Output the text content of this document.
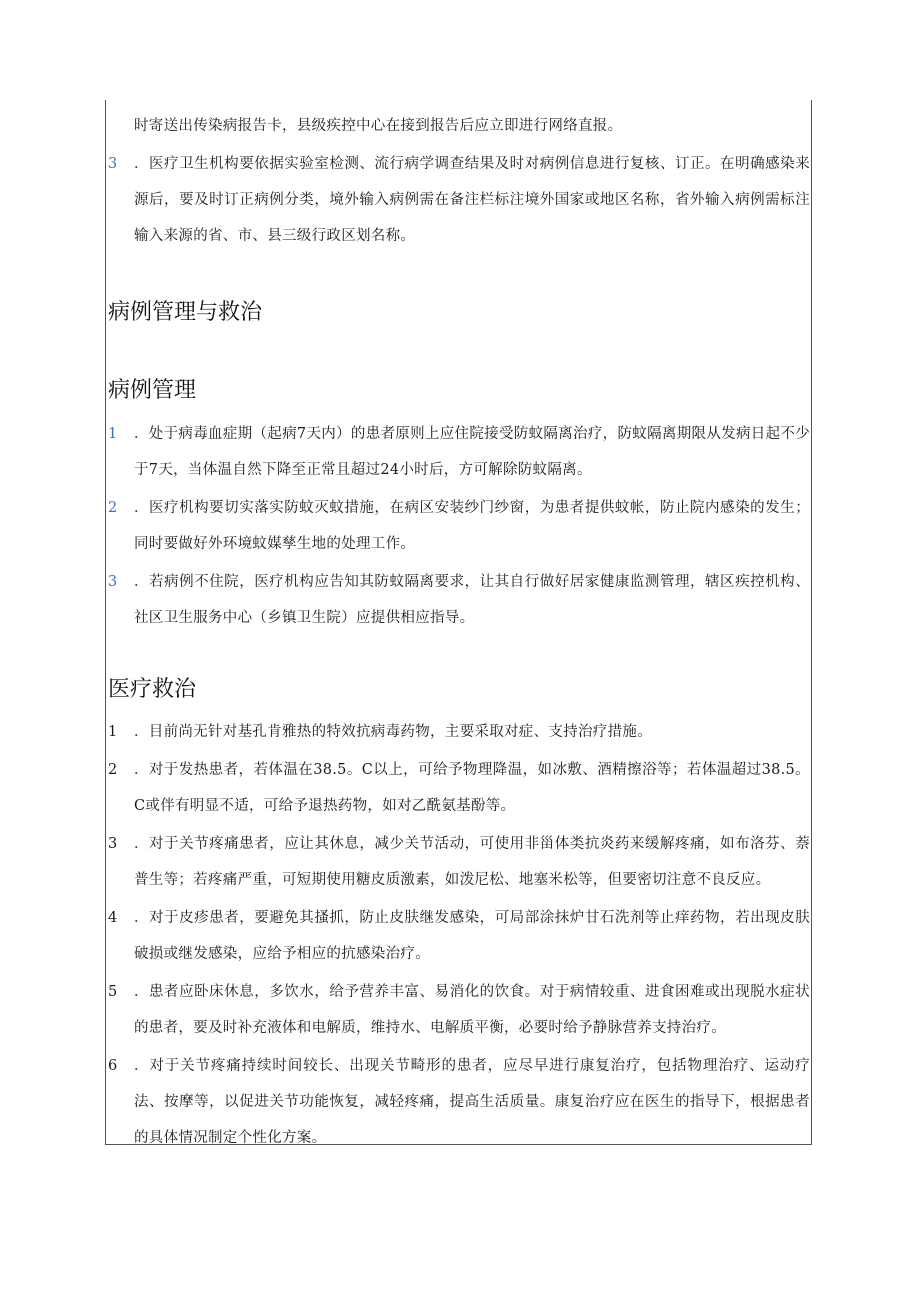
时寄送出传染病报告卡，县级疾控中心在接到报告后应立即进行网络直报。

3	．医疗卫生机构要依据实验室检测、流行病学调查结果及时对病例信息进行复核、订正。在明确感染来源后，要及时订正病例分类，境外输入病例需在备注栏标注境外国家或地区名称，省外输入病例需标注输入来源的省、市、县三级行政区划名称。
病例管理与救治
病例管理
1	．处于病毒血症期（起病7天内）的患者原则上应住院接受防蚊隔离治疗，防蚊隔离期限从发病日起不少于7天，当体温自然下降至正常且超过24小时后，方可解除防蚊隔离。
2	．医疗机构要切实落实防蚊灭蚊措施，在病区安装纱门纱窗，为患者提供蚊帐，防止院内感染的发生；同时要做好外环境蚊媒孳生地的处理工作。
3	．若病例不住院，医疗机构应告知其防蚊隔离要求，让其自行做好居家健康监测管理，辖区疾控机构、社区卫生服务中心（乡镇卫生院）应提供相应指导。
医疗救治
1	．目前尚无针对基孔肯雅热的特效抗病毒药物，主要采取对症、支持治疗措施。
2	．对于发热患者，若体温在38.5。C以上，可给予物理降温，如冰敷、酒精擦浴等；若体温超过38.5。C或伴有明显不适，可给予退热药物，如对乙酰氨基酚等。
3	．对于关节疼痛患者，应让其休息，减少关节活动，可使用非甾体类抗炎药来缓解疼痛，如布洛芬、萘普生等；若疼痛严重，可短期使用糖皮质激素，如泼尼松、地塞米松等，但要密切注意不良反应。
4	．对于皮疹患者，要避免其搔抓，防止皮肤继发感染，可局部涂抹炉甘石洗剂等止痒药物，若出现皮肤破损或继发感染，应给予相应的抗感染治疗。
5	．患者应卧床休息，多饮水，给予营养丰富、易消化的饮食。对于病情较重、进食困难或出现脱水症状的患者，要及时补充液体和电解质，维持水、电解质平衡，必要时给予静脉营养支持治疗。
6	．对于关节疼痛持续时间较长、出现关节畸形的患者，应尽早进行康复治疗，包括物理治疗、运动疗法、按摩等，以促进关节功能恢复，减轻疼痛，提高生活质量。康复治疗应在医生的指导下，根据患者的具体情况制定个性化方案。
